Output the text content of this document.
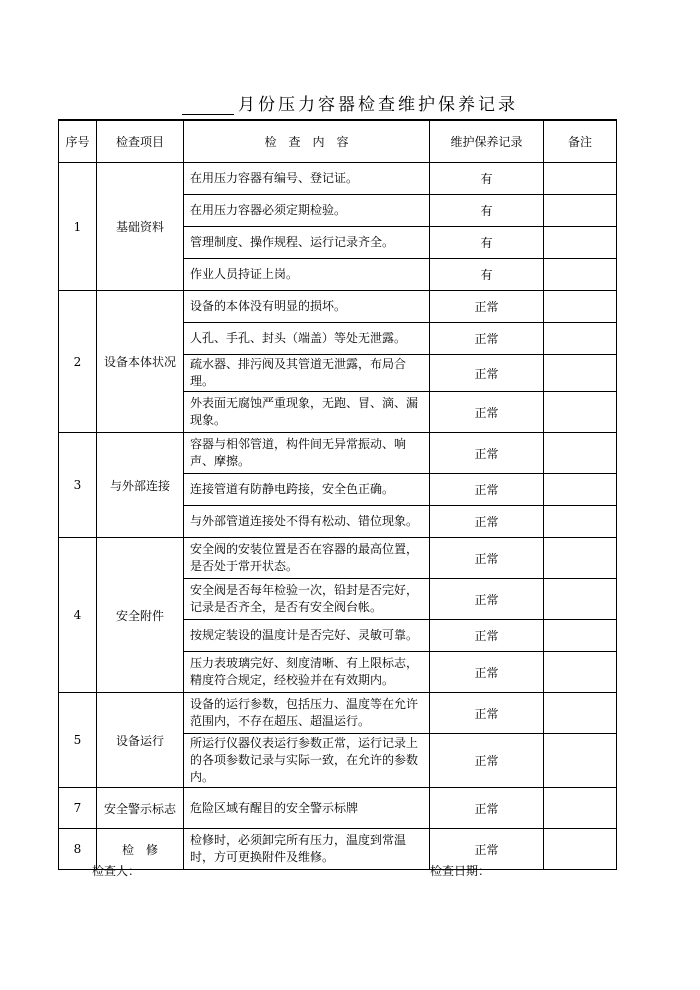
月份压力容器检查维护保养记录
序号	检查项目	检　查　内　容	维护保养记录	备注
1	基础资料	在用压力容器有编号、登记证。	有	
		在用压力容器必须定期检验。	有	
		管理制度、操作规程、运行记录齐全。	有	
		作业人员持证上岗。	有	
2	设备本体状况	设备的本体没有明显的损坏。	正常	
		人孔、手孔、封头（端盖）等处无泄露。	正常	
		疏水器、排污阀及其管道无泄露，布局合理。	正常	
		外表面无腐蚀严重现象，无跑、冒、滴、漏现象。	正常	
3	与外部连接	容器与相邻管道，构件间无异常振动、响声、摩擦。	正常	
		连接管道有防静电跨接，安全色正确。	正常	
		与外部管道连接处不得有松动、错位现象。	正常	
4	安全附件	安全阀的安装位置是否在容器的最高位置，是否处于常开状态。	正常	
		安全阀是否每年检验一次，铅封是否完好，记录是否齐全，是否有安全阀台帐。	正常	
		按规定装设的温度计是否完好、灵敏可靠。	正常	
		压力表玻璃完好、刻度清晰、有上限标志，精度符合规定，经校验并在有效期内。	正常	
5	设备运行	设备的运行参数，包括压力、温度等在允许范围内，不存在超压、超温运行。	正常	
		所运行仪器仪表运行参数正常，运行记录上的各项参数记录与实际一致，在允许的参数内。	正常	
7	安全警示标志	危险区域有醒目的安全警示标牌	正常	
8	检　修	检修时，必须卸完所有压力，温度到常温时，方可更换附件及维修。	正常	
检查人：	检查日期：
